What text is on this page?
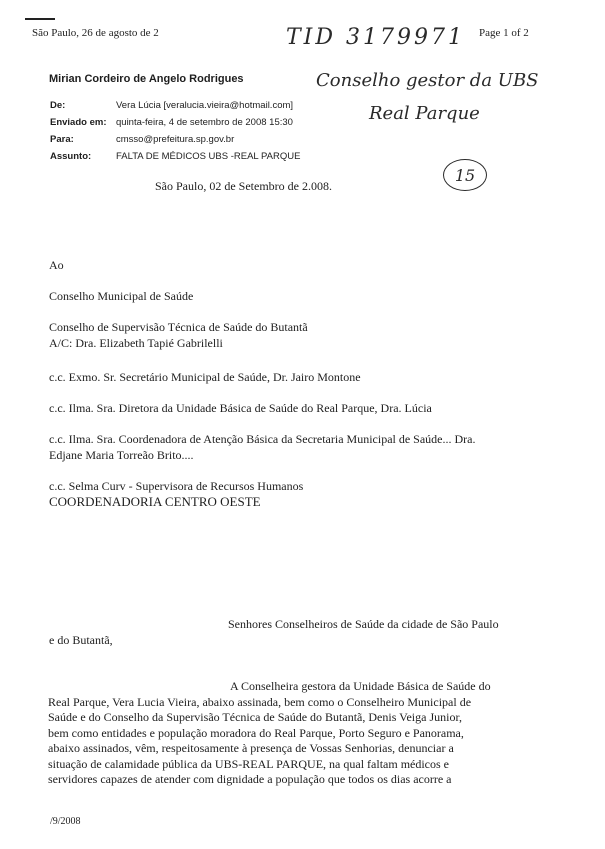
São Paulo, 26 de agosto de 2	Page 1 of 2
TID 3179971
Conselho gestor da UBS
Real Parque
15
Mirian Cordeiro de Angelo Rodrigues
De:	Vera Lúcia [veralucia.vieira@hotmail.com]
Enviado em: quinta-feira, 4 de setembro de 2008 15:30
Para:	cmsso@prefeitura.sp.gov.br
Assunto:	FALTA DE MÉDICOS UBS -REAL PARQUE
São Paulo, 02 de Setembro de 2.008.
Ao
Conselho Municipal de Saúde
Conselho de Supervisão Técnica de Saúde do Butantã
A/C: Dra. Elizabeth Tapié Gabrilelli
c.c. Exmo. Sr. Secretário Municipal de Saúde, Dr. Jairo Montone
c.c. Ilma. Sra. Diretora da Unidade Básica de Saúde do Real Parque, Dra. Lúcia
c.c. Ilma. Sra. Coordenadora de Atenção Básica da Secretaria Municipal de Saúde... Dra.
Edjane Maria Torreão Brito....
c.c. Selma Curv - Supervisora de Recursos Humanos
COORDENADORIA CENTRO OESTE
Senhores Conselheiros de Saúde da cidade de São Paulo
e do Butantã,
A Conselheira gestora da Unidade Básica de Saúde do
Real Parque, Vera Lucia Vieira, abaixo assinada, bem como o Conselheiro Municipal de
Saúde e do Conselho da Supervisão Técnica de Saúde do Butantã, Denis Veiga Junior,
bem como entidades e população moradora do Real Parque, Porto Seguro e Panorama,
abaixo assinados, vêm, respeitosamente à presença de Vossas Senhorias, denunciar a
situação de calamidade pública da UBS-REAL PARQUE, na qual faltam médicos e
servidores capazes de atender com dignidade a população que todos os dias acorre a
/9/2008
